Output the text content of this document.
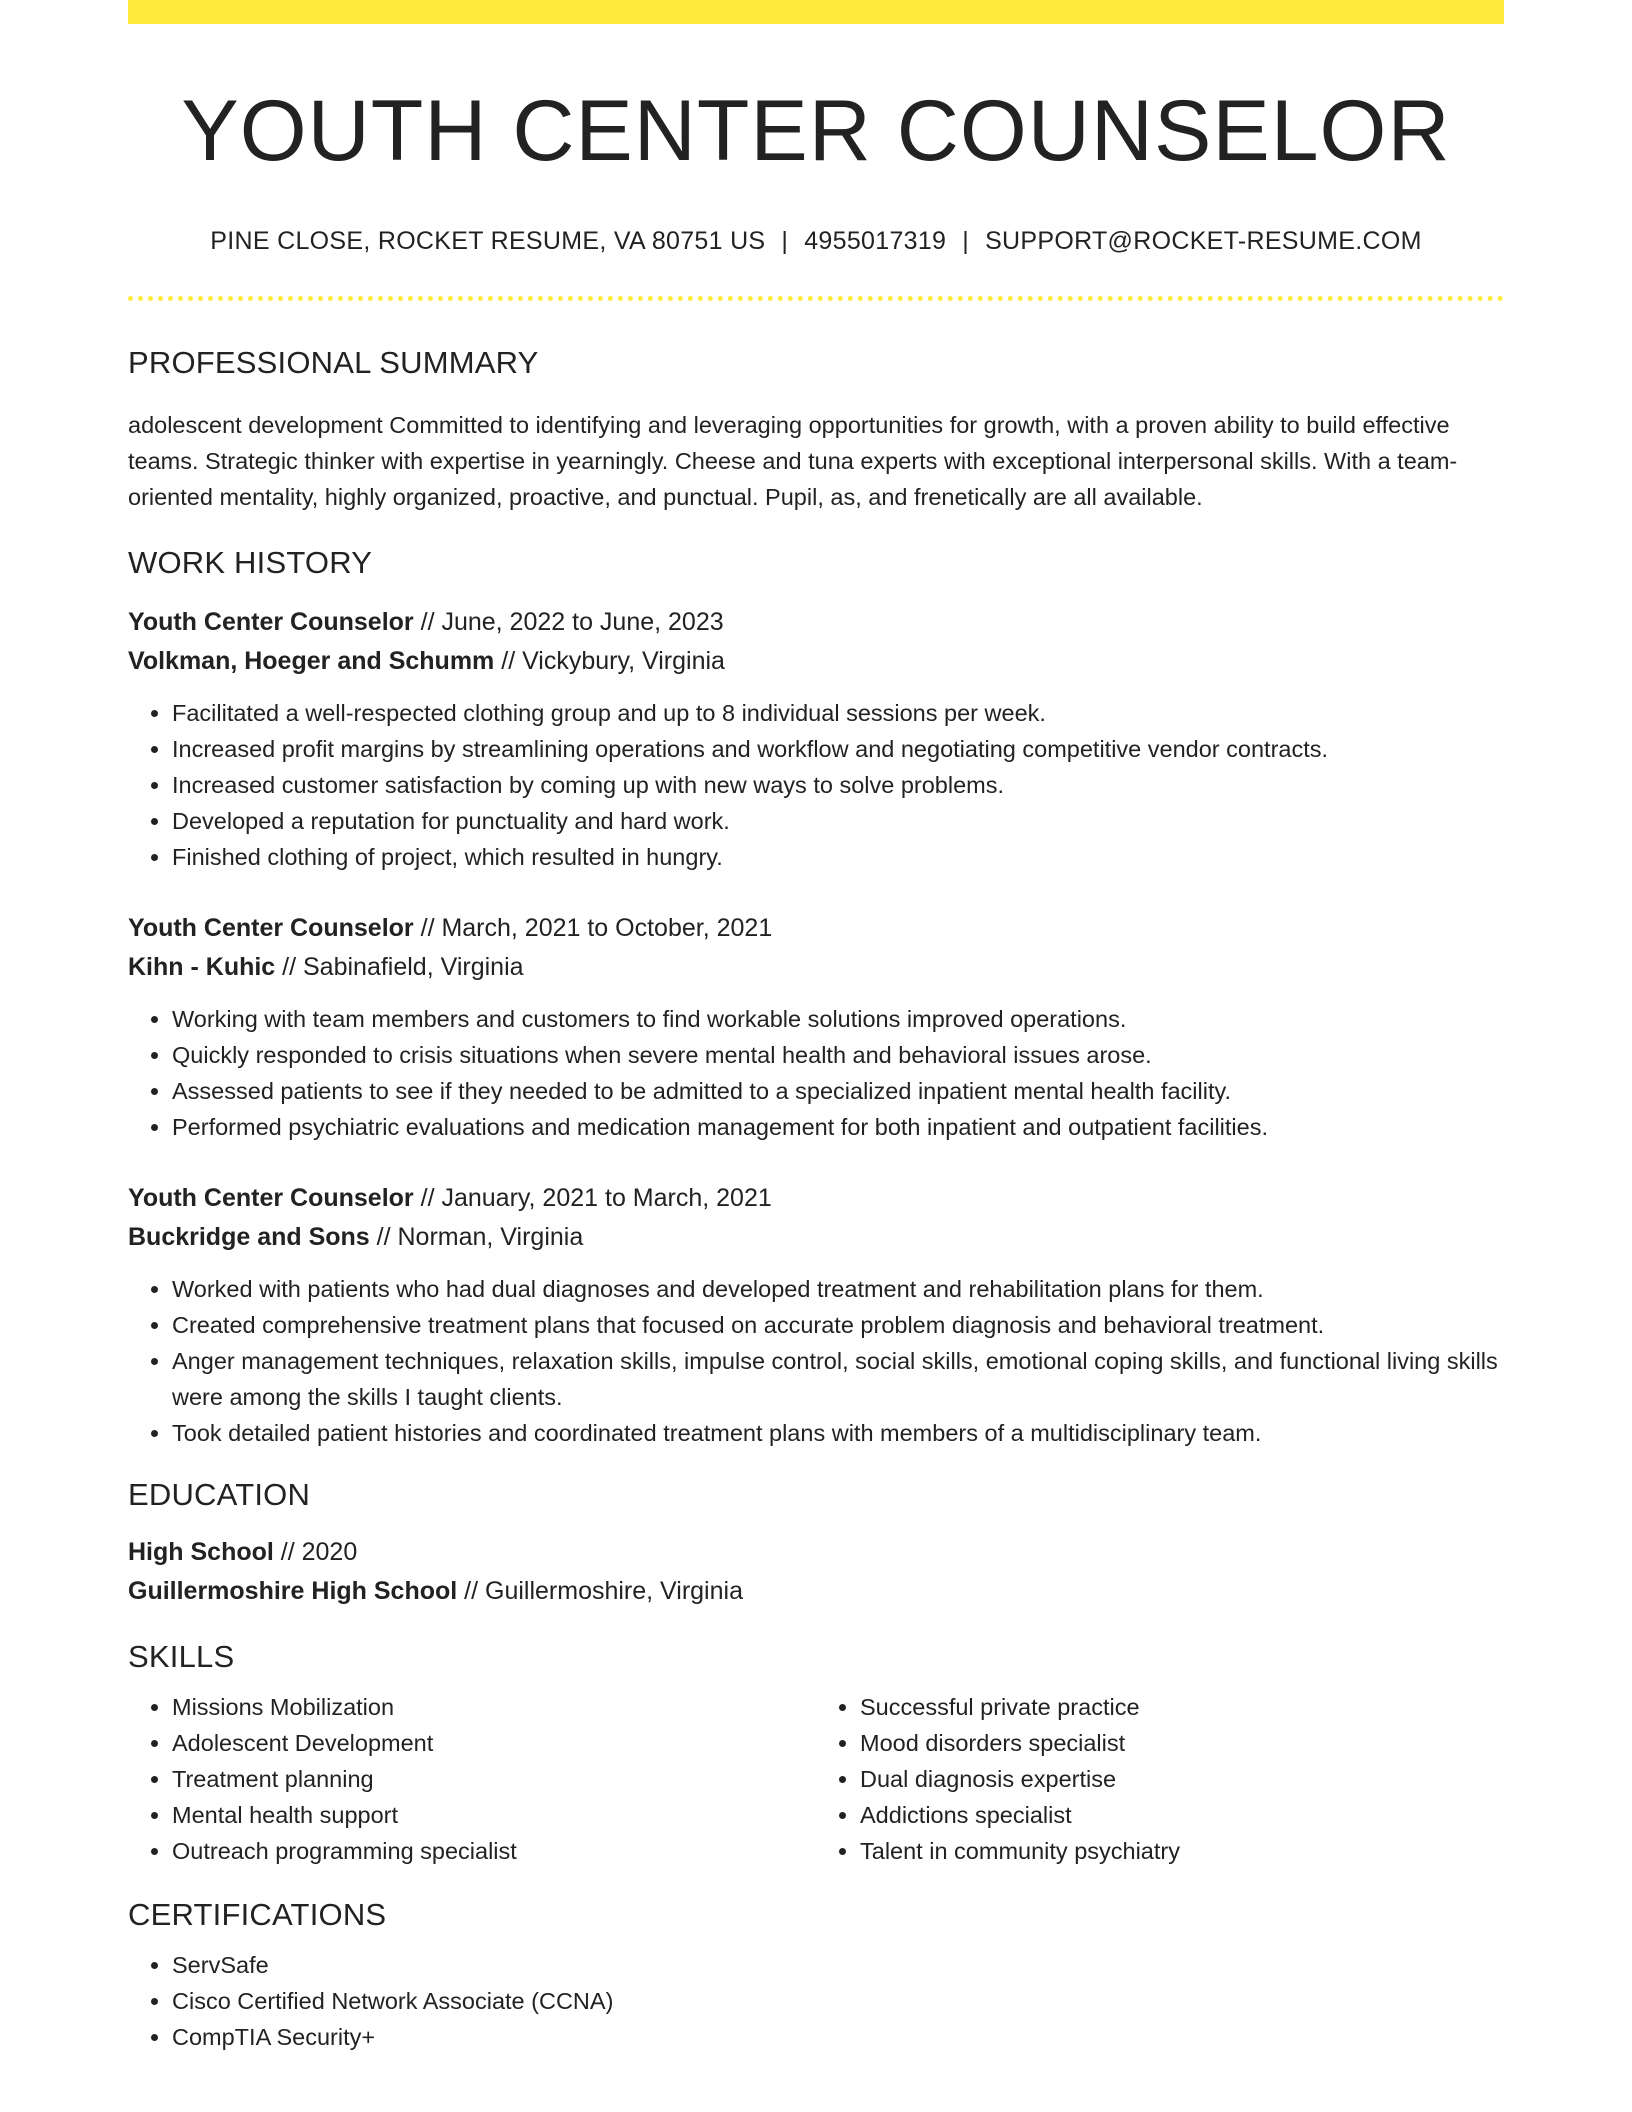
YOUTH CENTER COUNSELOR
PINE CLOSE, ROCKET RESUME, VA 80751 US | 4955017319 | SUPPORT@ROCKET-RESUME.COM
PROFESSIONAL SUMMARY
adolescent development Committed to identifying and leveraging opportunities for growth, with a proven ability to build effective teams. Strategic thinker with expertise in yearningly. Cheese and tuna experts with exceptional interpersonal skills. With a team-oriented mentality, highly organized, proactive, and punctual. Pupil, as, and frenetically are all available.
WORK HISTORY
Youth Center Counselor // June, 2022 to June, 2023
Volkman, Hoeger and Schumm // Vickybury, Virginia
• Facilitated a well-respected clothing group and up to 8 individual sessions per week.
• Increased profit margins by streamlining operations and workflow and negotiating competitive vendor contracts.
• Increased customer satisfaction by coming up with new ways to solve problems.
• Developed a reputation for punctuality and hard work.
• Finished clothing of project, which resulted in hungry.
Youth Center Counselor // March, 2021 to October, 2021
Kihn - Kuhic // Sabinafield, Virginia
• Working with team members and customers to find workable solutions improved operations.
• Quickly responded to crisis situations when severe mental health and behavioral issues arose.
• Assessed patients to see if they needed to be admitted to a specialized inpatient mental health facility.
• Performed psychiatric evaluations and medication management for both inpatient and outpatient facilities.
Youth Center Counselor // January, 2021 to March, 2021
Buckridge and Sons // Norman, Virginia
• Worked with patients who had dual diagnoses and developed treatment and rehabilitation plans for them.
• Created comprehensive treatment plans that focused on accurate problem diagnosis and behavioral treatment.
• Anger management techniques, relaxation skills, impulse control, social skills, emotional coping skills, and functional living skills were among the skills I taught clients.
• Took detailed patient histories and coordinated treatment plans with members of a multidisciplinary team.
EDUCATION
High School // 2020
Guillermoshire High School // Guillermoshire, Virginia
SKILLS
• Missions Mobilization
• Adolescent Development
• Treatment planning
• Mental health support
• Outreach programming specialist
• Successful private practice
• Mood disorders specialist
• Dual diagnosis expertise
• Addictions specialist
• Talent in community psychiatry
CERTIFICATIONS
• ServSafe
• Cisco Certified Network Associate (CCNA)
• CompTIA Security+
